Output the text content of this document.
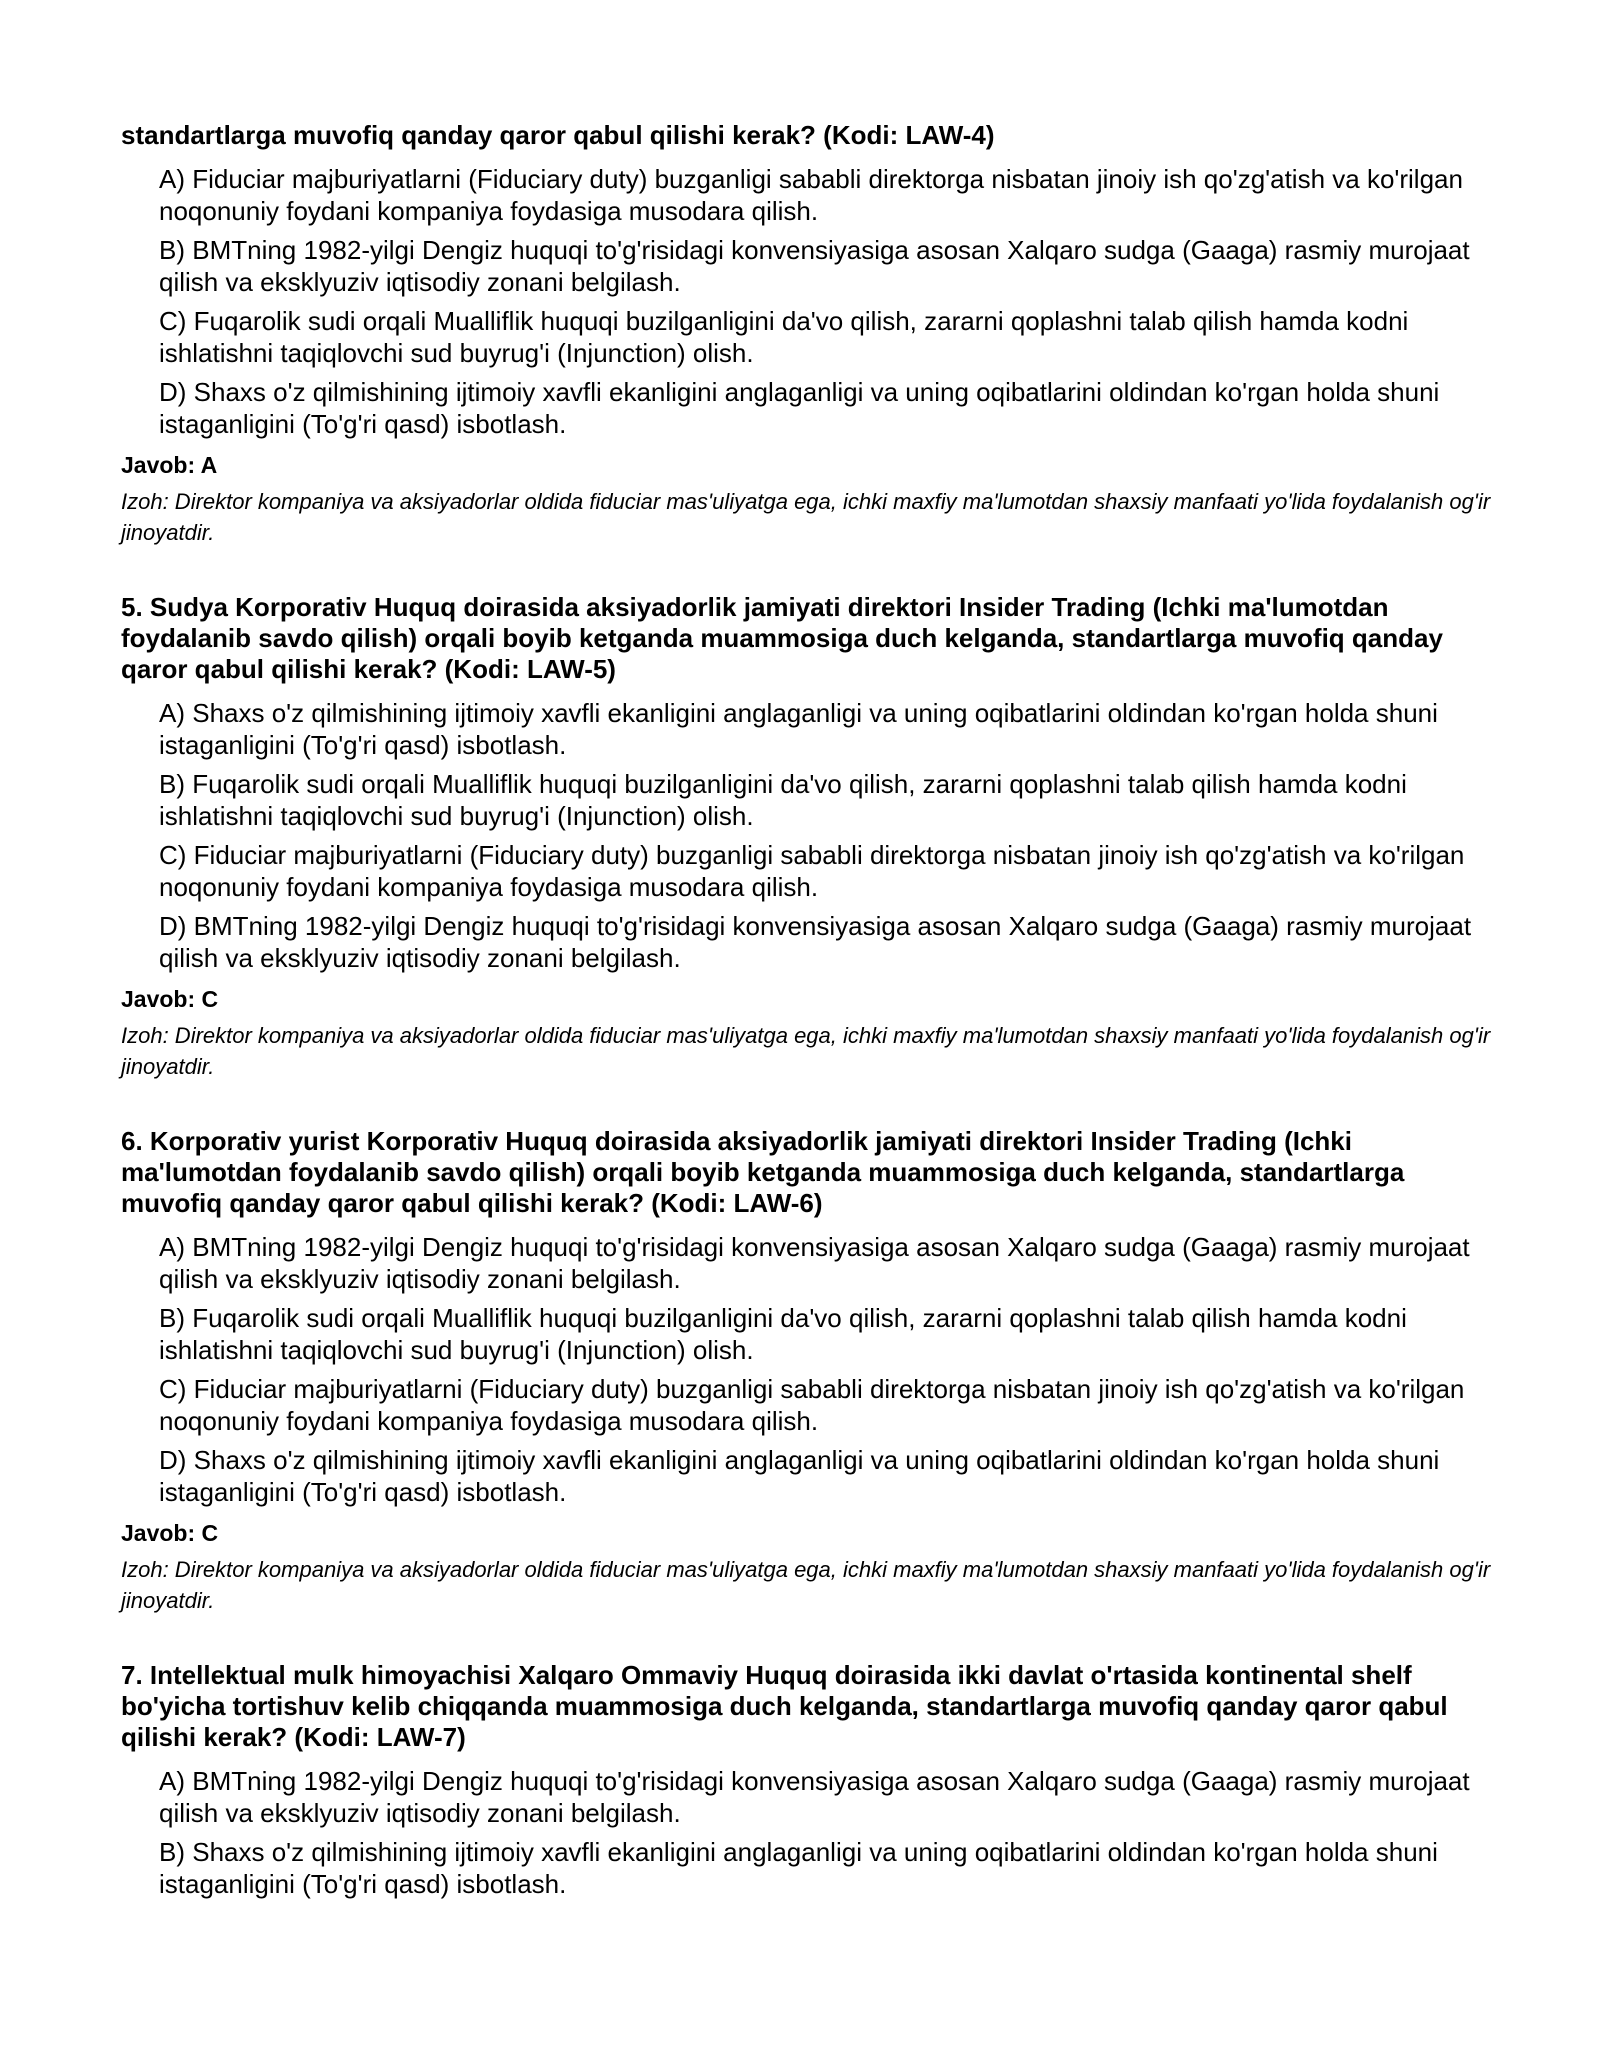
standartlarga muvofiq qanday qaror qabul qilishi kerak? (Kodi: LAW-4)

A) Fiduciar majburiyatlarni (Fiduciary duty) buzganligi sababli direktorga nisbatan jinoiy ish qo'zg'atish va ko'rilgan noqonuniy foydani kompaniya foydasiga musodara qilish.

B) BMTning 1982-yilgi Dengiz huquqi to'g'risidagi konvensiyasiga asosan Xalqaro sudga (Gaaga) rasmiy murojaat qilish va eksklyuziv iqtisodiy zonani belgilash.

C) Fuqarolik sudi orqali Mualliflik huquqi buzilganligini da'vo qilish, zararni qoplashni talab qilish hamda kodni ishlatishni taqiqlovchi sud buyrug'i (Injunction) olish.

D) Shaxs o'z qilmishining ijtimoiy xavfli ekanligini anglaganligi va uning oqibatlarini oldindan ko'rgan holda shuni istaganligini (To'g'ri qasd) isbotlash.

Javob: A

Izoh: Direktor kompaniya va aksiyadorlar oldida fiduciar mas'uliyatga ega, ichki maxfiy ma'lumotdan shaxsiy manfaati yo'lida foydalanish og'ir jinoyatdir.

5. Sudya Korporativ Huquq doirasida aksiyadorlik jamiyati direktori Insider Trading (Ichki ma'lumotdan foydalanib savdo qilish) orqali boyib ketganda muammosiga duch kelganda, standartlarga muvofiq qanday qaror qabul qilishi kerak? (Kodi: LAW-5)

A) Shaxs o'z qilmishining ijtimoiy xavfli ekanligini anglaganligi va uning oqibatlarini oldindan ko'rgan holda shuni istaganligini (To'g'ri qasd) isbotlash.

B) Fuqarolik sudi orqali Mualliflik huquqi buzilganligini da'vo qilish, zararni qoplashni talab qilish hamda kodni ishlatishni taqiqlovchi sud buyrug'i (Injunction) olish.

C) Fiduciar majburiyatlarni (Fiduciary duty) buzganligi sababli direktorga nisbatan jinoiy ish qo'zg'atish va ko'rilgan noqonuniy foydani kompaniya foydasiga musodara qilish.

D) BMTning 1982-yilgi Dengiz huquqi to'g'risidagi konvensiyasiga asosan Xalqaro sudga (Gaaga) rasmiy murojaat qilish va eksklyuziv iqtisodiy zonani belgilash.

Javob: C

Izoh: Direktor kompaniya va aksiyadorlar oldida fiduciar mas'uliyatga ega, ichki maxfiy ma'lumotdan shaxsiy manfaati yo'lida foydalanish og'ir jinoyatdir.

6. Korporativ yurist Korporativ Huquq doirasida aksiyadorlik jamiyati direktori Insider Trading (Ichki ma'lumotdan foydalanib savdo qilish) orqali boyib ketganda muammosiga duch kelganda, standartlarga muvofiq qanday qaror qabul qilishi kerak? (Kodi: LAW-6)

A) BMTning 1982-yilgi Dengiz huquqi to'g'risidagi konvensiyasiga asosan Xalqaro sudga (Gaaga) rasmiy murojaat qilish va eksklyuziv iqtisodiy zonani belgilash.

B) Fuqarolik sudi orqali Mualliflik huquqi buzilganligini da'vo qilish, zararni qoplashni talab qilish hamda kodni ishlatishni taqiqlovchi sud buyrug'i (Injunction) olish.

C) Fiduciar majburiyatlarni (Fiduciary duty) buzganligi sababli direktorga nisbatan jinoiy ish qo'zg'atish va ko'rilgan noqonuniy foydani kompaniya foydasiga musodara qilish.

D) Shaxs o'z qilmishining ijtimoiy xavfli ekanligini anglaganligi va uning oqibatlarini oldindan ko'rgan holda shuni istaganligini (To'g'ri qasd) isbotlash.

Javob: C

Izoh: Direktor kompaniya va aksiyadorlar oldida fiduciar mas'uliyatga ega, ichki maxfiy ma'lumotdan shaxsiy manfaati yo'lida foydalanish og'ir jinoyatdir.

7. Intellektual mulk himoyachisi Xalqaro Ommaviy Huquq doirasida ikki davlat o'rtasida kontinental shelf bo'yicha tortishuv kelib chiqqanda muammosiga duch kelganda, standartlarga muvofiq qanday qaror qabul qilishi kerak? (Kodi: LAW-7)

A) BMTning 1982-yilgi Dengiz huquqi to'g'risidagi konvensiyasiga asosan Xalqaro sudga (Gaaga) rasmiy murojaat qilish va eksklyuziv iqtisodiy zonani belgilash.

B) Shaxs o'z qilmishining ijtimoiy xavfli ekanligini anglaganligi va uning oqibatlarini oldindan ko'rgan holda shuni istaganligini (To'g'ri qasd) isbotlash.
